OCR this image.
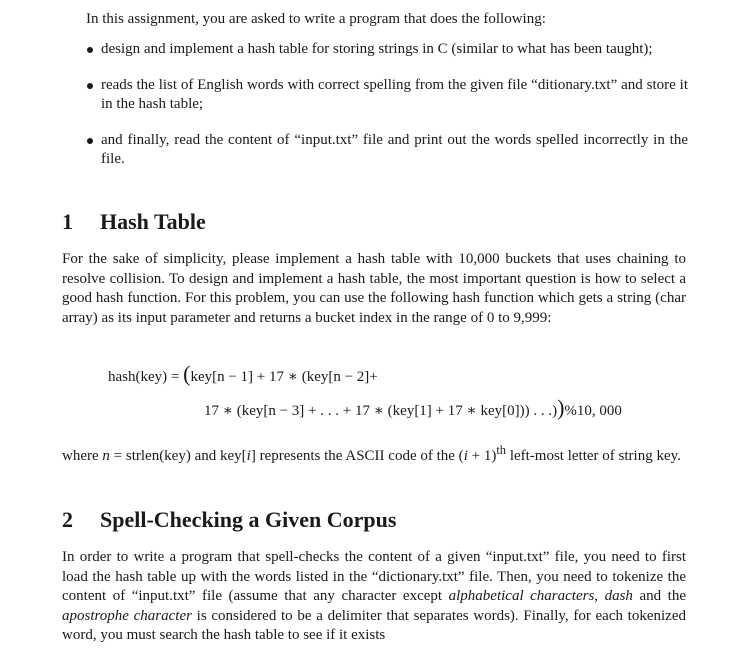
In this assignment, you are asked to write a program that does the following:

design and implement a hash table for storing strings in C (similar to what has been taught);
reads the list of English words with correct spelling from the given file “ditionary.txt” and store it in the hash table;
and finally, read the content of “input.txt” file and print out the words spelled incorrectly in the file.
1 Hash Table

For the sake of simplicity, please implement a hash table with 10,000 buckets that uses chaining to resolve collision. To design and implement a hash table, the most important question is how to select a good hash function. For this problem, you can use the following hash function which gets a string (char array) as its input parameter and returns a bucket index in the range of 0 to 9,999:

hash(key) = (key[n − 1] + 17 ∗ (key[n − 2]+
17 ∗ (key[n − 3] + . . . + 17 ∗ (key[1] + 17 ∗ key[0])) . . .))%10, 000

where n = strlen(key) and key[i] represents the ASCII code of the $(i + 1)^{th}$ left-most letter of string key.

2 Spell-Checking a Given Corpus

In order to write a program that spell-checks the content of a given “input.txt” file, you need to first load the hash table up with the words listed in the “dictionary.txt” file. Then, you need to tokenize the content of “input.txt” file (assume that any character except alphabetical characters, dash and the apostrophe character is considered to be a delimiter that separates words). Finally, for each tokenized word, you must search the hash table to see if it exists
